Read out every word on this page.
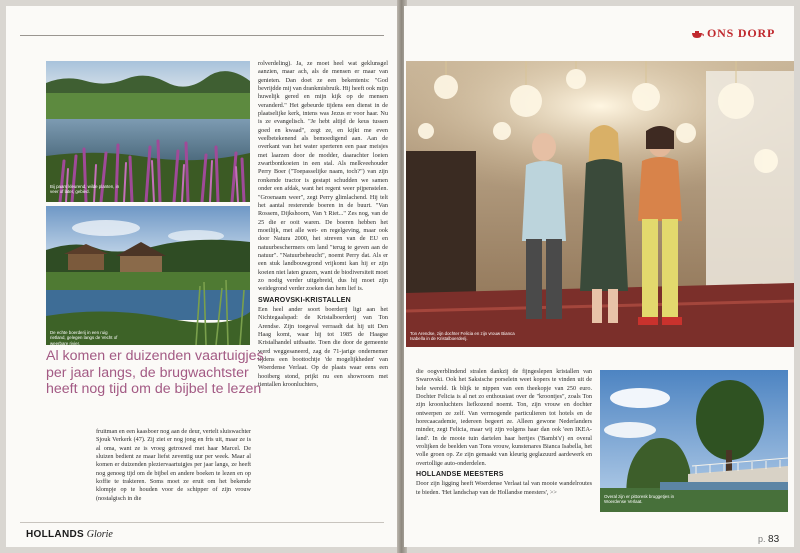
Bij paars kleurend, wilde planten, in veer of later, gebied.
De echte boerderij in een ruig rietland, gelegen langs de Vecht of weerbare rivier.

rolverdeling). Ja, ze moet heel wat geklunsgel aanzien, maar ach, als de mensen er maar van genieten. Dan doet ze een bekentenis: "God bevrijdde mij van drankmisbruik. Hij heeft ook mijn huwelijk gered en mijn kijk op de mensen veranderd." Het gebeurde tijdens een dienst in de plaatselijke kerk, intens was Jezus er voor haar. Nu is ze evangelisch. "Je hebt altijd de keus tussen goed en kwaad", zegt ze, en kijkt me even veelbetekenend als bemoedigend aan. Aan de overkant van het water sperteren een paar meisjes met laarzen door de modder, daarachter loeien zwartbontkoeien in een stal. Als melkveehouder Perry Boer ("Toepasselijke naam, toch?") van zijn ronkende tractor is gestapt schudden we samen onder een afdak, want het regent weer pijpenstelen. "Groenaam weer", zegt Perry glimlachend. Hij telt het aantal resterende boeren in de buurt. "Van Rossem, Dijkshoorn, Van 't Riet..." Zes nog, van de 25 die er ooit waren. De boeren hebben het moeilijk, met alle wet- en regelgeving, maar ook door Natura 2000, het streven van de EU en natuurbeschermers om land "terug te geven aan de natuur". "Natuurbeheucht", noemt Perry dat. Als er een stuk landbouwgrond vrijkomt kan hij er zijn koeien niet laten grazen, want de biodiversiteit moet zo nodig verder uitgebreid, dus hij moet zijn weidegrond verder zoeken dan hem lief is.

SWAROVSKI-KRISTALLEN

Een heel ander soort boerderij ligt aan het Nichtegaalspad: de Kristalboerderij van Ton Arendse. Zijn toegeval verraadt dat hij uit Den Haag komt, waar hij tot 1985 de Haagse Kristalhandel uitbaatte. Toen die door de gemeente werd weggesaneerd, zag de 71-jarige ondernemer tijdens een boottochtje 'de mogelijkheden' van Woerdense Verlaat. Op de plaats waar eens een hooiberg stond, prijkt nu een showroom met tientallen kroonluchters,

Al komen er duizenden vaartuigjes per jaar langs, de brugwachtster heeft nog tijd om de bijbel te lezen

fruitman en een kaasboer nog aan de deur, vertelt sluiswachter Sjouk Verkerk (47). Zij ziet er nog jong en fris uit, maar ze is al oma, want ze is vroeg getrouwd met haar Marcel. De sluizen bedient ze maar liefst zeventig uur per week. Maar al komen er duizenden pleziervaartuigjes per jaar langs, ze heeft nog genoeg tijd om de bijbel en andere boeken te lezen en op koffie te trakteren. Soms moet ze eruit om het bekende klompje op te houden voor de schipper of zijn vrouw (nostalgisch in die

HOLLANDS Glorie
ONS DORP
Ton Arendse, zijn dochter Felicia en zijn vrouw Bianca Isabella in de Kristalboerderij.

die oogverblindend stralen dankzij de fijngeslepen kristallen van Swarovski. Ook het Saksische porselein weet kopers te vinden uit de hele wereld. Ik blijk te nippen van een theekopje van 250 euro. Dochter Felicia is al net zo enthousiast over de "kroontjes", zoals Ton zijn kroonluchters liefkozend noemt. Ton, zijn vrouw en dochter ontwerpen ze zelf. Van vermogende particulieren tot hotels en de horecaacademie, iedereen begeert ze. Alleen gewone Nederlanders minder, zegt Felicia, maar wij zijn volgens haar dan ook 'een IKEA-land'. In de mooie tuin dartelen haar hertjes ('Bambi's') en overal vrolijken de beelden van Tons vrouw, kunstenares Bianca Isabella, het volle groen op. Ze zijn gemaakt van kleurig geglazuurd aardewerk en overtollige auto-onderdelen.

HOLLANDSE MEESTERS

Door zijn ligging heeft Woerdense Verlaat tal van mooie wandelroutes te bieden. 'Het landschap van de Hollandse meesters', >>

Overal zijn er pittoresk bruggetjes in Woerdense Verlaat.
p. 83
